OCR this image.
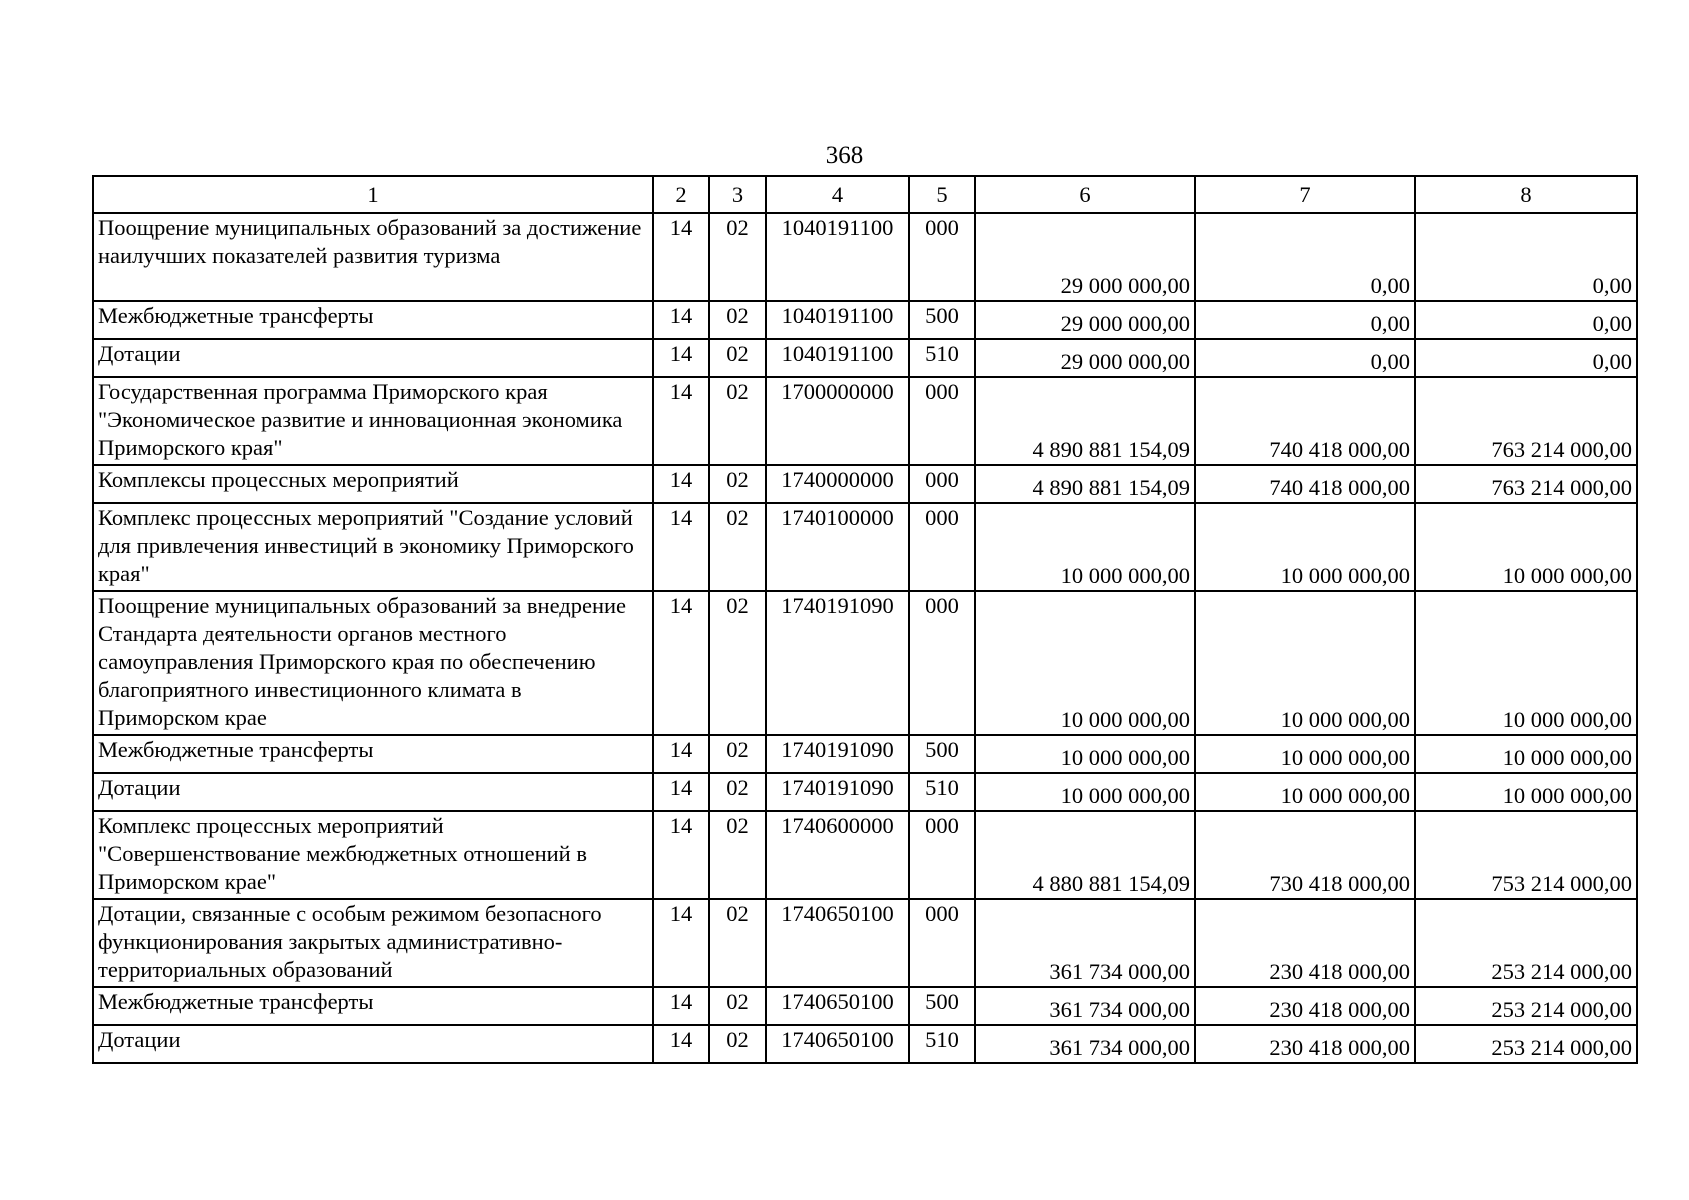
368
1	2	3	4	5	6	7	8
Поощрение муниципальных образований за достижение наилучших показателей развития туризма	14	02	1040191100	000	29 000 000,00	0,00	0,00
Межбюджетные трансферты	14	02	1040191100	500	29 000 000,00	0,00	0,00
Дотации	14	02	1040191100	510	29 000 000,00	0,00	0,00
Государственная программа Приморского края "Экономическое развитие и инновационная экономика Приморского края"	14	02	1700000000	000	4 890 881 154,09	740 418 000,00	763 214 000,00
Комплексы процессных мероприятий	14	02	1740000000	000	4 890 881 154,09	740 418 000,00	763 214 000,00
Комплекс процессных мероприятий "Создание условий для привлечения инвестиций в экономику Приморского края"	14	02	1740100000	000	10 000 000,00	10 000 000,00	10 000 000,00
Поощрение муниципальных образований за внедрение Стандарта деятельности органов местного самоуправления Приморского края по обеспечению благоприятного инвестиционного климата в Приморском крае	14	02	1740191090	000	10 000 000,00	10 000 000,00	10 000 000,00
Межбюджетные трансферты	14	02	1740191090	500	10 000 000,00	10 000 000,00	10 000 000,00
Дотации	14	02	1740191090	510	10 000 000,00	10 000 000,00	10 000 000,00
Комплекс процессных мероприятий "Совершенствование межбюджетных отношений в Приморском крае"	14	02	1740600000	000	4 880 881 154,09	730 418 000,00	753 214 000,00
Дотации, связанные с особым режимом безопасного функционирования закрытых административно-территориальных образований	14	02	1740650100	000	361 734 000,00	230 418 000,00	253 214 000,00
Межбюджетные трансферты	14	02	1740650100	500	361 734 000,00	230 418 000,00	253 214 000,00
Дотации	14	02	1740650100	510	361 734 000,00	230 418 000,00	253 214 000,00
